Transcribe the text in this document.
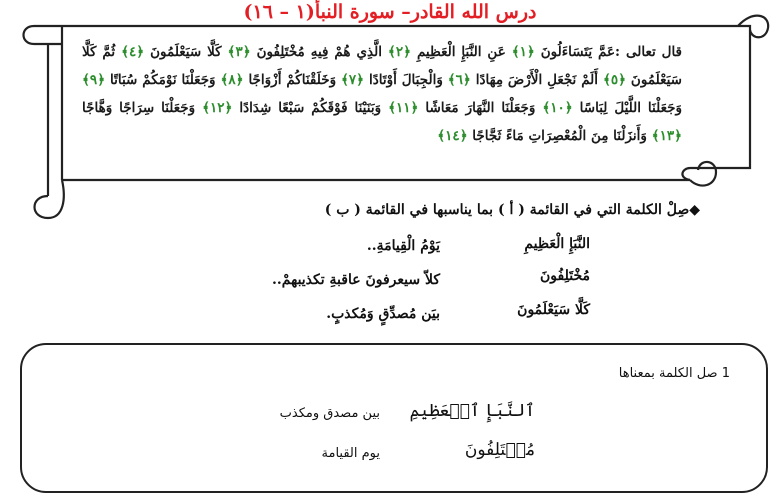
درس الله القادر– سورة النبأ(١ – ١٦)
قال تعالى :عَمَّ يَتَسَاءَلُونَ ﴿١﴾ عَنِ النَّبَإِ الْعَظِيمِ ﴿٢﴾ الَّذِي هُمْ فِيهِ مُخْتَلِفُونَ ﴿٣﴾ كَلَّا سَيَعْلَمُونَ ﴿٤﴾ ثُمَّ كَلَّا سَيَعْلَمُونَ ﴿٥﴾ أَلَمْ نَجْعَلِ الْأَرْضَ مِهَادًا ﴿٦﴾ وَالْجِبَالَ أَوْتَادًا ﴿٧﴾ وَخَلَقْنَاكُمْ أَزْوَاجًا ﴿٨﴾ وَجَعَلْنَا نَوْمَكُمْ سُبَاتًا ﴿٩﴾ وَجَعَلْنَا اللَّيْلَ لِبَاسًا ﴿١٠﴾ وَجَعَلْنَا النَّهَارَ مَعَاشًا ﴿١١﴾ وَبَنَيْنَا فَوْقَكُمْ سَبْعًا شِدَادًا ﴿١٢﴾ وَجَعَلْنَا سِرَاجًا وَهَّاجًا ﴿١٣﴾ وَأَنزَلْنَا مِنَ الْمُعْصِرَاتِ مَاءً ثَجَّاجًا ﴿١٤﴾
◆صِلْ الكلمة التي في القائمة ( أ ) بما يناسبها في القائمة ( ب )
النَّبَإِ الْعَظِيمِ
مُخْتَلِفُونَ
كَلَّا سَيَعْلَمُونَ
يَوْمُ الْقِيامَةِ..
كلاّ سيعرفونَ عاقبةِ تكذيبهمْ..
بيَن مُصدِّقٍ وَمُكذبٍ.
1 صل الكلمة بمعناها
ٱلنَّبَإِ ٱلۡعَظِيمِ
مُخۡتَلِفُونَ
بين مصدق ومكذب
يوم القيامة
